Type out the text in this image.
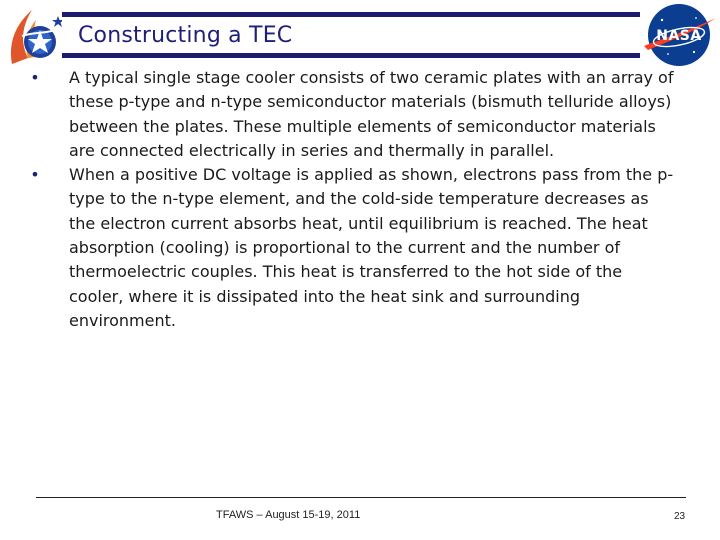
Constructing a TEC	NASA
• A typical single stage cooler consists of two ceramic plates with an array of these p-type and n-type semiconductor materials (bismuth telluride alloys) between the plates. These multiple elements of semiconductor materials are connected electrically in series and thermally in parallel.
• When a positive DC voltage is applied as shown, electrons pass from the p-type to the n-type element, and the cold-side temperature decreases as the electron current absorbs heat, until equilibrium is reached. The heat absorption (cooling) is proportional to the current and the number of thermoelectric couples. This heat is transferred to the hot side of the cooler, where it is dissipated into the heat sink and surrounding environment.
TFAWS – August 15-19, 2011	23
